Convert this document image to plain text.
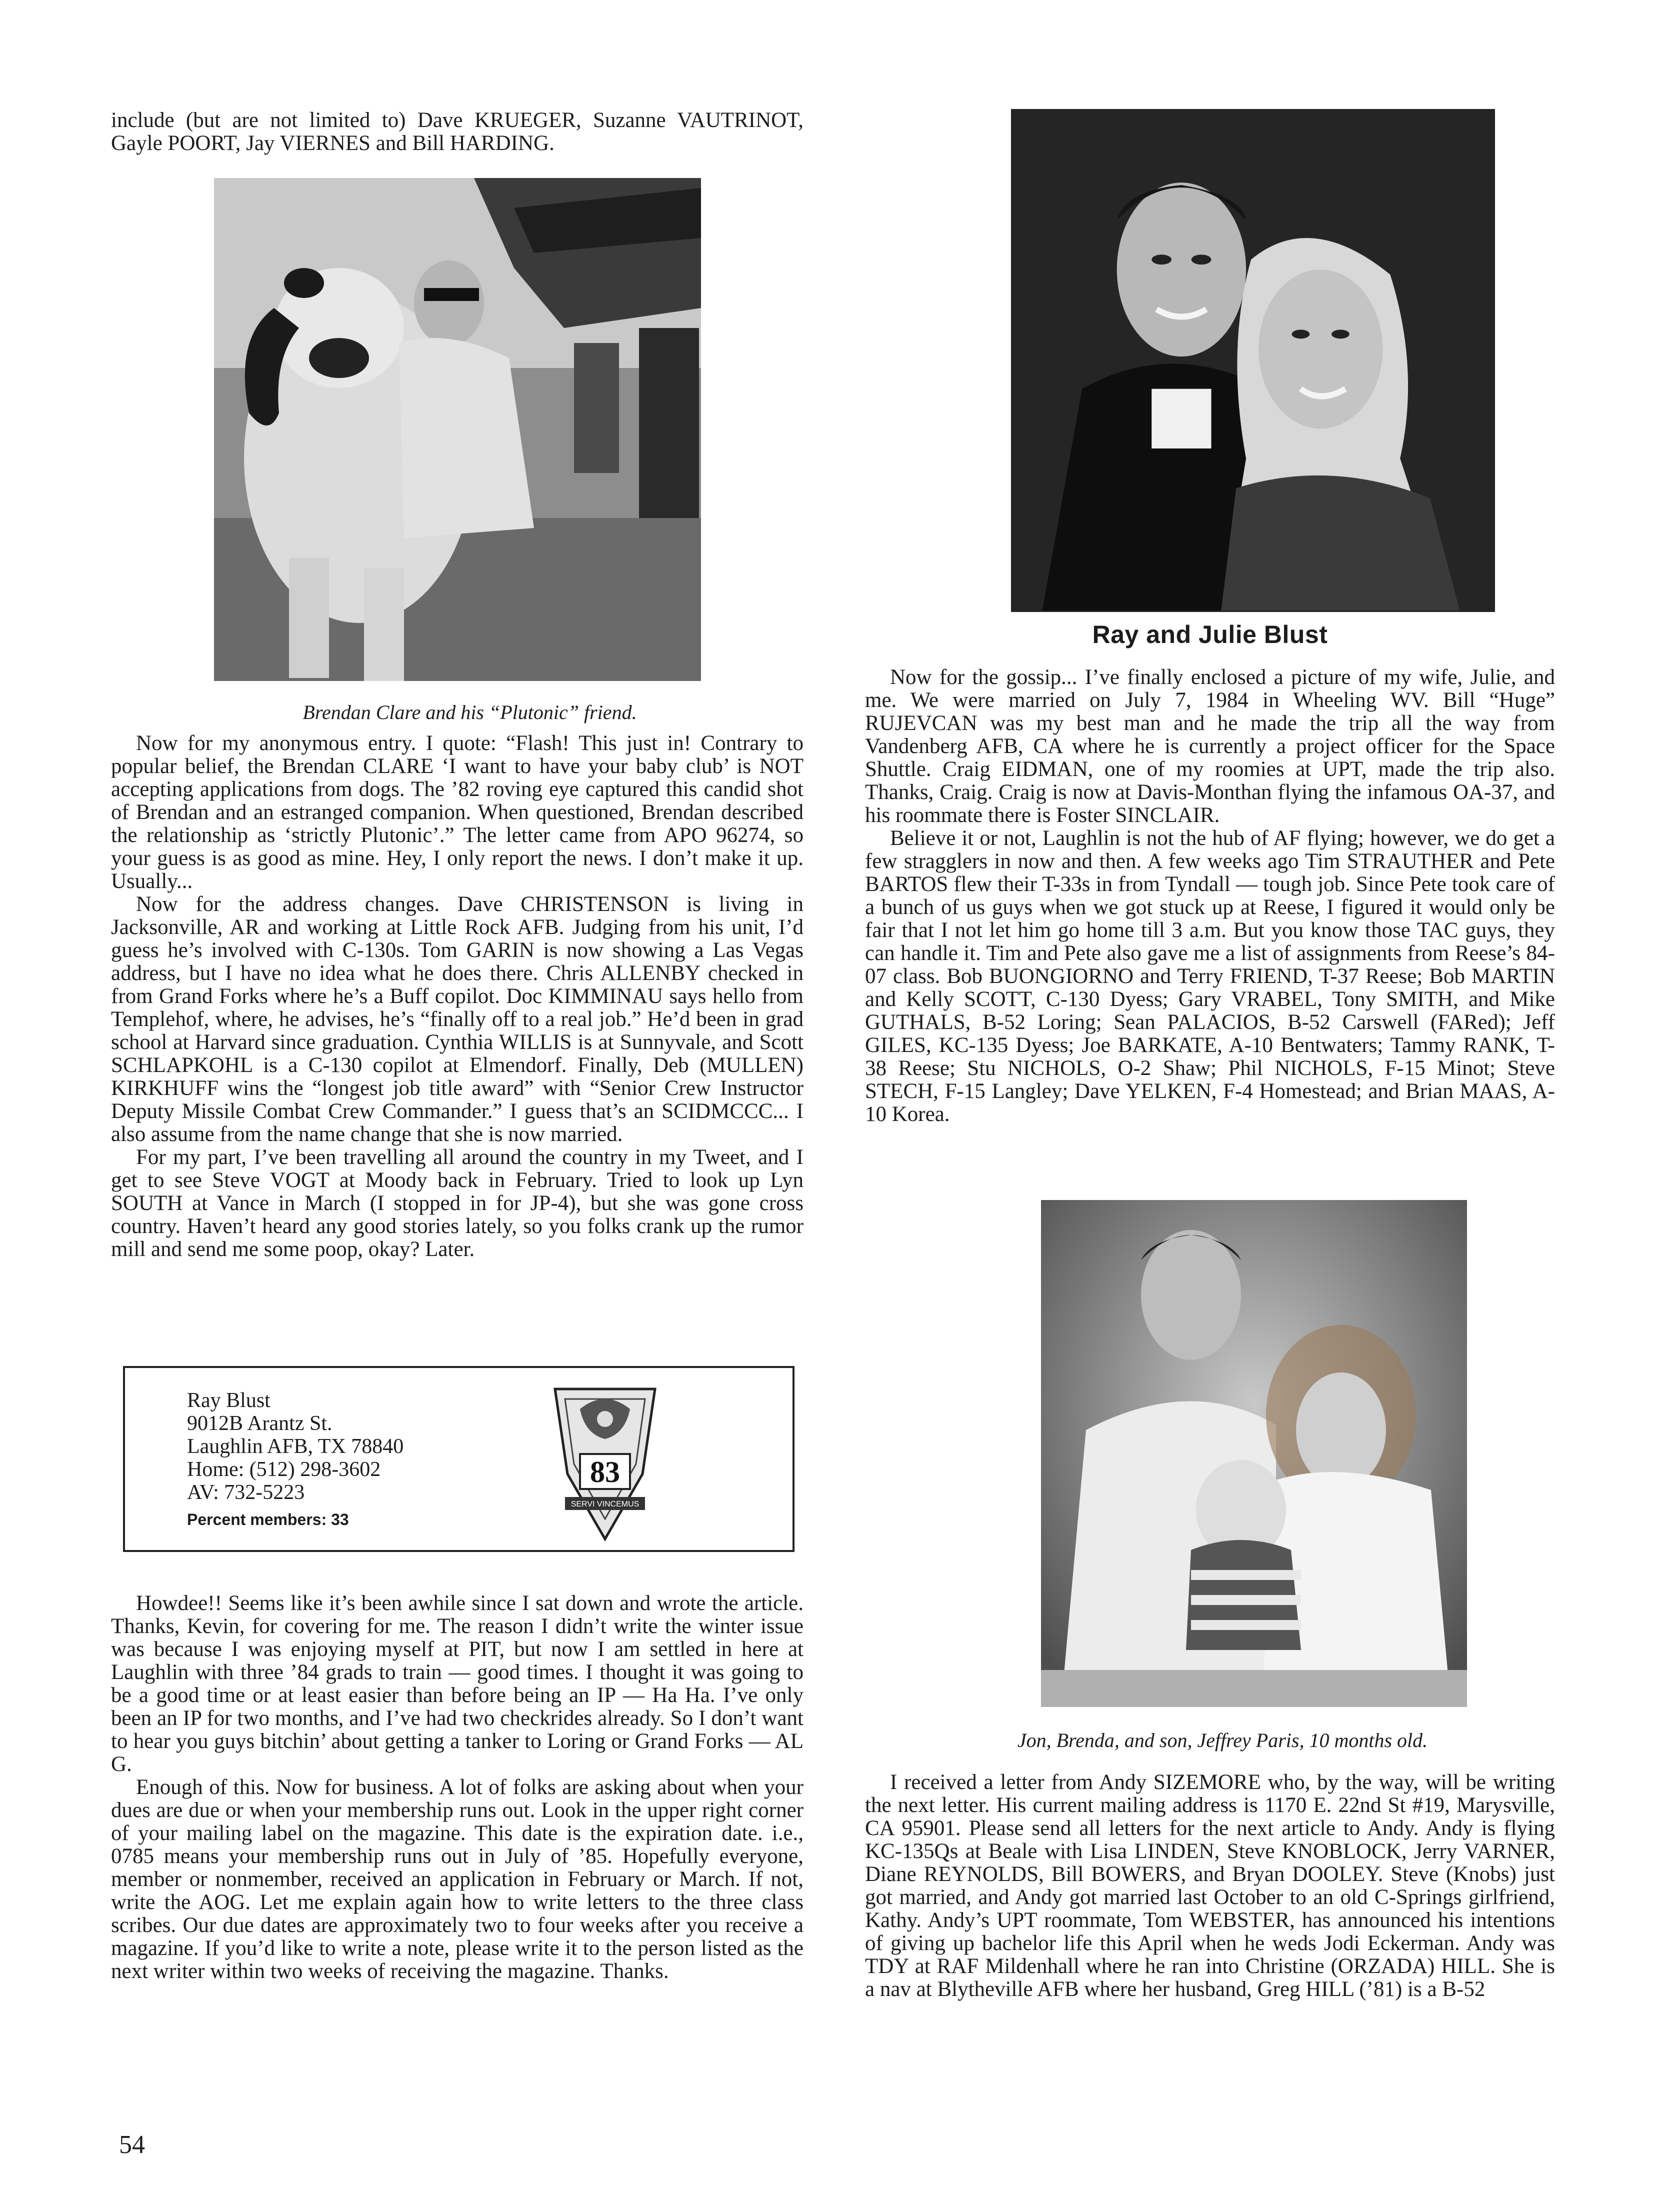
include (but are not limited to) Dave KRUEGER, Suzanne VAUTRINOT, Gayle POORT, Jay VIERNES and Bill HARDING.

Brendan Clare and his “Plutonic” friend.

Now for my anonymous entry. I quote: “Flash! This just in! Contrary to popular belief, the Brendan CLARE ‘I want to have your baby club’ is NOT accepting applications from dogs. The ’82 roving eye captured this candid shot of Brendan and an estranged companion. When questioned, Brendan described the relationship as ‘strictly Plutonic’.” The letter came from APO 96274, so your guess is as good as mine. Hey, I only report the news. I don’t make it up. Usually...

Now for the address changes. Dave CHRISTENSON is living in Jacksonville, AR and working at Little Rock AFB. Judging from his unit, I’d guess he’s involved with C-130s. Tom GARIN is now showing a Las Vegas address, but I have no idea what he does there. Chris ALLENBY checked in from Grand Forks where he’s a Buff copilot. Doc KIMMINAU says hello from Templehof, where, he advises, he’s “finally off to a real job.” He’d been in grad school at Harvard since graduation. Cynthia WILLIS is at Sunnyvale, and Scott SCHLAPKOHL is a C-130 copilot at Elmendorf. Finally, Deb (MULLEN) KIRKHUFF wins the “longest job title award” with “Senior Crew Instructor Deputy Missile Combat Crew Commander.” I guess that’s an SCIDMCCC... I also assume from the name change that she is now married.

For my part, I’ve been travelling all around the country in my Tweet, and I get to see Steve VOGT at Moody back in February. Tried to look up Lyn SOUTH at Vance in March (I stopped in for JP-4), but she was gone cross country. Haven’t heard any good stories lately, so you folks crank up the rumor mill and send me some poop, okay? Later.

Ray Blust
9012B Arantz St.
Laughlin AFB, TX 78840
Home: (512) 298-3602
AV: 732-5223
Percent members: 33
83
SERVI VINCEMUS

Howdee!! Seems like it’s been awhile since I sat down and wrote the article. Thanks, Kevin, for covering for me. The reason I didn’t write the winter issue was because I was enjoying myself at PIT, but now I am settled in here at Laughlin with three ’84 grads to train — good times. I thought it was going to be a good time or at least easier than before being an IP — Ha Ha. I’ve only been an IP for two months, and I’ve had two checkrides already. So I don’t want to hear you guys bitchin’ about getting a tanker to Loring or Grand Forks — AL G.

Enough of this. Now for business. A lot of folks are asking about when your dues are due or when your membership runs out. Look in the upper right corner of your mailing label on the magazine. This date is the expiration date. i.e., 0785 means your membership runs out in July of ’85. Hopefully everyone, member or nonmember, received an application in February or March. If not, write the AOG. Let me explain again how to write letters to the three class scribes. Our due dates are approximately two to four weeks after you receive a magazine. If you’d like to write a note, please write it to the person listed as the next writer within two weeks of receiving the magazine. Thanks.

Ray and Julie Blust

Now for the gossip... I’ve finally enclosed a picture of my wife, Julie, and me. We were married on July 7, 1984 in Wheeling WV. Bill “Huge” RUJEVCAN was my best man and he made the trip all the way from Vandenberg AFB, CA where he is currently a project officer for the Space Shuttle. Craig EIDMAN, one of my roomies at UPT, made the trip also. Thanks, Craig. Craig is now at Davis-Monthan flying the infamous OA-37, and his roommate there is Foster SINCLAIR.

Believe it or not, Laughlin is not the hub of AF flying; however, we do get a few stragglers in now and then. A few weeks ago Tim STRAUTHER and Pete BARTOS flew their T-33s in from Tyndall — tough job. Since Pete took care of a bunch of us guys when we got stuck up at Reese, I figured it would only be fair that I not let him go home till 3 a.m. But you know those TAC guys, they can handle it. Tim and Pete also gave me a list of assignments from Reese’s 84-07 class. Bob BUONGIORNO and Terry FRIEND, T-37 Reese; Bob MARTIN and Kelly SCOTT, C-130 Dyess; Gary VRABEL, Tony SMITH, and Mike GUTHALS, B-52 Loring; Sean PALACIOS, B-52 Carswell (FARed); Jeff GILES, KC-135 Dyess; Joe BARKATE, A-10 Bentwaters; Tammy RANK, T-38 Reese; Stu NICHOLS, O-2 Shaw; Phil NICHOLS, F-15 Minot; Steve STECH, F-15 Langley; Dave YELKEN, F-4 Homestead; and Brian MAAS, A-10 Korea.

Jon, Brenda, and son, Jeffrey Paris, 10 months old.

I received a letter from Andy SIZEMORE who, by the way, will be writing the next letter. His current mailing address is 1170 E. 22nd St #19, Marysville, CA 95901. Please send all letters for the next article to Andy. Andy is flying KC-135Qs at Beale with Lisa LINDEN, Steve KNOBLOCK, Jerry VARNER, Diane REYNOLDS, Bill BOWERS, and Bryan DOOLEY. Steve (Knobs) just got married, and Andy got married last October to an old C-Springs girlfriend, Kathy. Andy’s UPT roommate, Tom WEBSTER, has announced his intentions of giving up bachelor life this April when he weds Jodi Eckerman. Andy was TDY at RAF Mildenhall where he ran into Christine (ORZADA) HILL. She is a nav at Blytheville AFB where her husband, Greg HILL (’81) is a B-52

54
